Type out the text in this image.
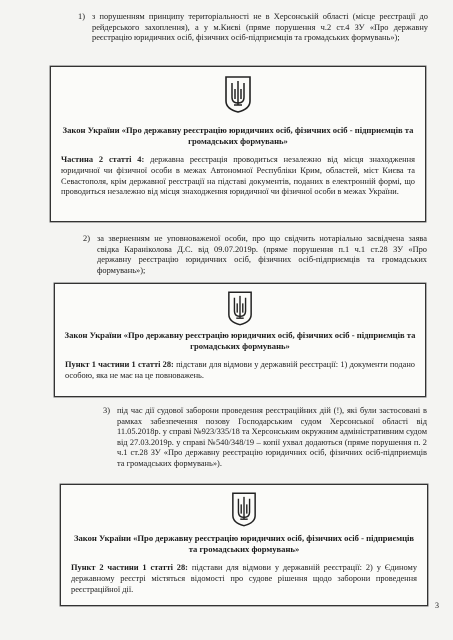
1) з порушенням принципу територіальності не в Херсонській області (місце реєстрації до рейдерського захоплення), а у м.Києві (пряме порушення ч.2 ст.4 ЗУ «Про державну реєстрацію юридичних осіб, фізичних осіб-підприємців та громадських формувань»);
Закон України «Про державну реєстрацію юридичних осіб, фізичних осіб - підприємців та громадських формувань»
Частина 2 статті 4: державна реєстрація проводиться незалежно від місця знаходження юридичної чи фізичної особи в межах Автономної Республіки Крим, областей, міст Києва та Севастополя, крім державної реєстрації на підставі документів, поданих в електронній формі, що проводиться незалежно від місця знаходження юридичної чи фізичної особи в межах України.
2) за зверненням не уповноваженої особи, про що свідчить нотаріально засвідчена заява свідка Караніколова Д.С. від 09.07.2019р. (пряме порушення п.1 ч.1 ст.28 ЗУ «Про державну реєстрацію юридичних осіб, фізичних осіб-підприємців та громадських формувань»);
Закон України «Про державну реєстрацію юридичних осіб, фізичних осіб - підприємців та громадських формувань»
Пункт 1 частини 1 статті 28: підстави для відмови у державній реєстрації: 1) документи подано особою, яка не має на це повноважень.
3) під час дії судової заборони проведення реєстраційних дій (!), які були застосовані в рамках забезпечення позову Господарським судом Херсонської області від 11.05.2018р. у справі №923/335/18 та Херсонським окружним адміністративним судом від 27.03.2019р. у справі №540/348/19 – копії ухвал додаються (пряме порушення п. 2 ч.1 ст.28 ЗУ «Про державну реєстрацію юридичних осіб, фізичних осіб-підприємців та громадських формувань»).
Закон України «Про державну реєстрацію юридичних осіб, фізичних осіб - підприємців та громадських формувань»
Пункт 2 частини 1 статті 28: підстави для відмови у державній реєстрації: 2) у Єдиному державному реєстрі містяться відомості про судове рішення щодо заборони проведення реєстраційної дії.
3
